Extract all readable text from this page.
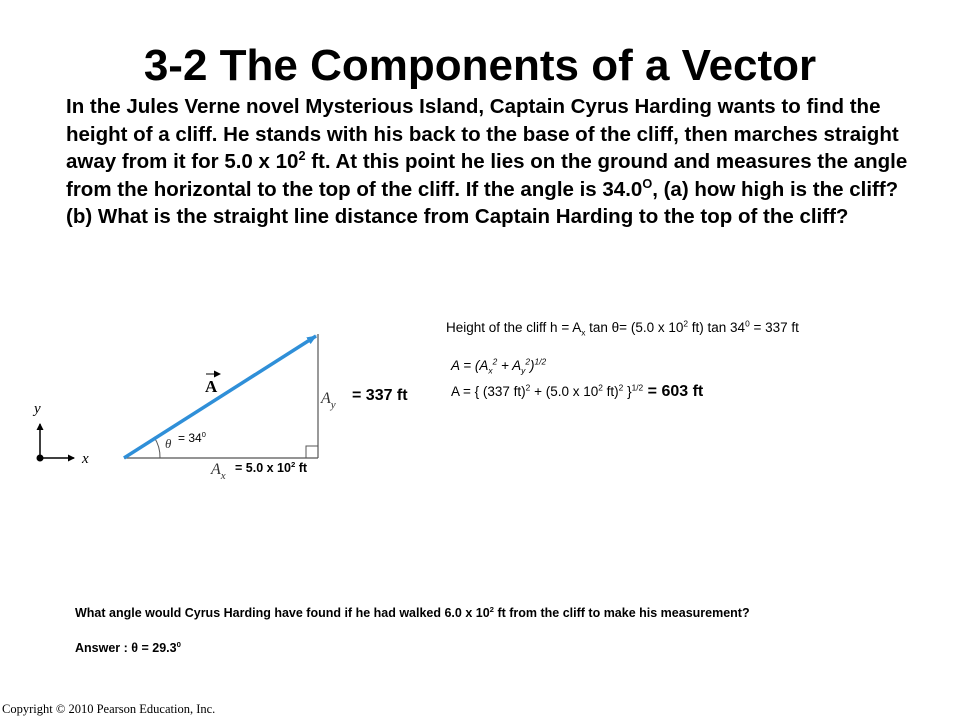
3-2 The Components of a Vector
In the Jules Verne novel Mysterious Island, Captain Cyrus Harding wants to find the height of a cliff. He stands with his back to the base of the cliff, then marches straight away from it for 5.0 x $10^2$ ft. At this point he lies on the ground and measures the angle from the horizontal to the top of the cliff. If the angle is $34.0^O$, (a) how high is the cliff? (b) What is the straight line distance from Captain Harding to the top of the cliff?
y
x
A
θ
$A_y$
$A_x$
= $34^0$
= 337 ft
= 5.0 x $10^2$ ft
Height of the cliff $h = A_x$ tan θ= (5.0 x $10^2$ ft) $\tan 34^0 = 337$ ft
$A = (A_x^2 + A_y^2)^{1/2}$
A = { (337 ft)$^2$ + (5.0 x $10^2$ ft)$^2$ }$^{1/2}$ = 603 ft
What angle would Cyrus Harding have found if he had walked 6.0 x $10^2$ ft from the cliff to make his measurement?
Answer : $\theta = 29.3^0$
Copyright © 2010 Pearson Education, Inc.
